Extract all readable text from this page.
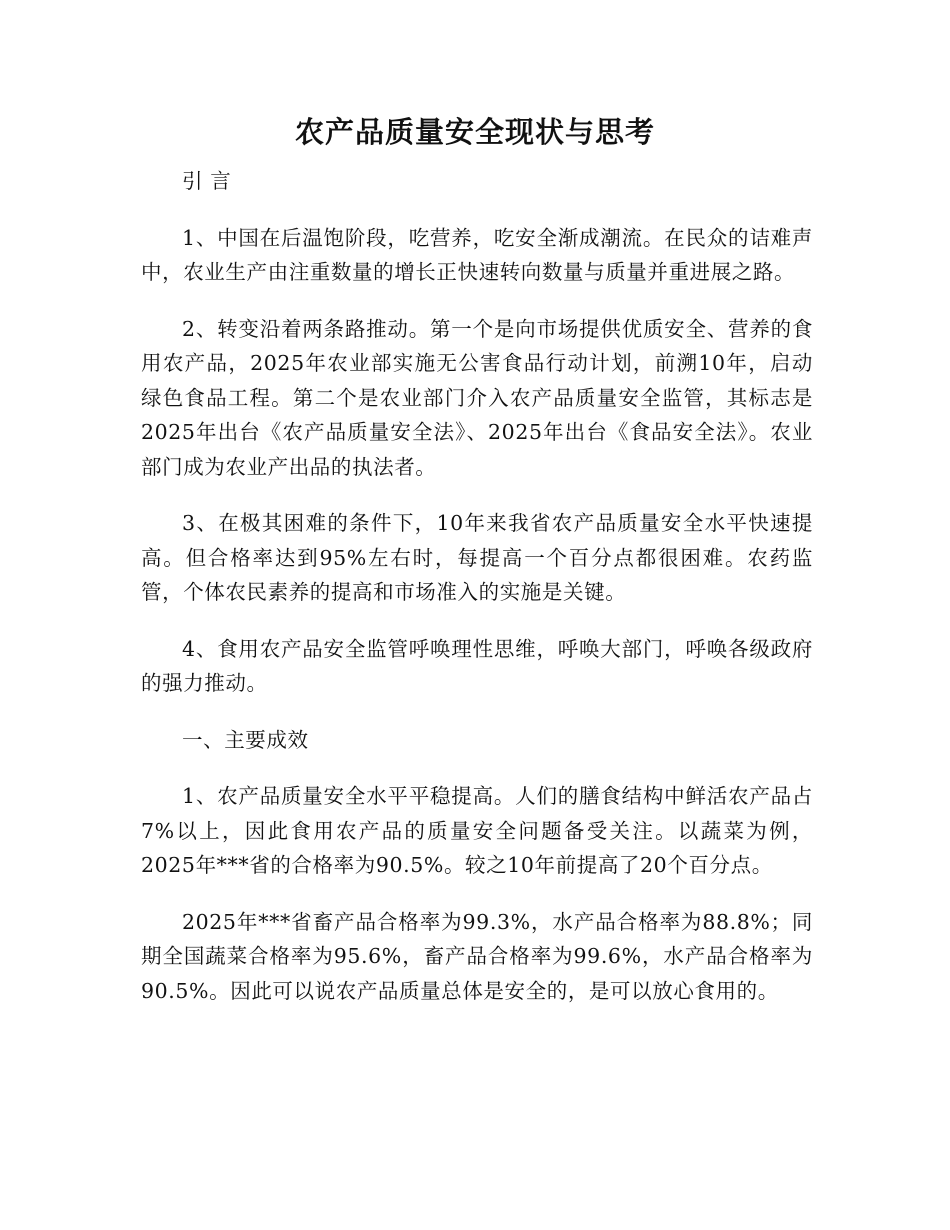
农产品质量安全现状与思考

引 言

1、中国在后温饱阶段，吃营养，吃安全渐成潮流。在民众的诘难声中，农业生产由注重数量的增长正快速转向数量与质量并重进展之路。

2、转变沿着两条路推动。第一个是向市场提供优质安全、营养的食用农产品，2025年农业部实施无公害食品行动计划，前溯10年，启动绿色食品工程。第二个是农业部门介入农产品质量安全监管，其标志是2025年出台《农产品质量安全法》、2025年出台《食品安全法》。农业部门成为农业产出品的执法者。

3、在极其困难的条件下，10年来我省农产品质量安全水平快速提高。但合格率达到95%左右时，每提高一个百分点都很困难。农药监管，个体农民素养的提高和市场准入的实施是关键。

4、食用农产品安全监管呼唤理性思维，呼唤大部门，呼唤各级政府的强力推动。

一、主要成效

1、农产品质量安全水平平稳提高。人们的膳食结构中鲜活农产品占7%以上，因此食用农产品的质量安全问题备受关注。以蔬菜为例，2025年***省的合格率为90.5%。较之10年前提高了20个百分点。

2025年***省畜产品合格率为99.3%，水产品合格率为88.8%；同期全国蔬菜合格率为95.6%，畜产品合格率为99.6%，水产品合格率为90.5%。因此可以说农产品质量总体是安全的，是可以放心食用的。
